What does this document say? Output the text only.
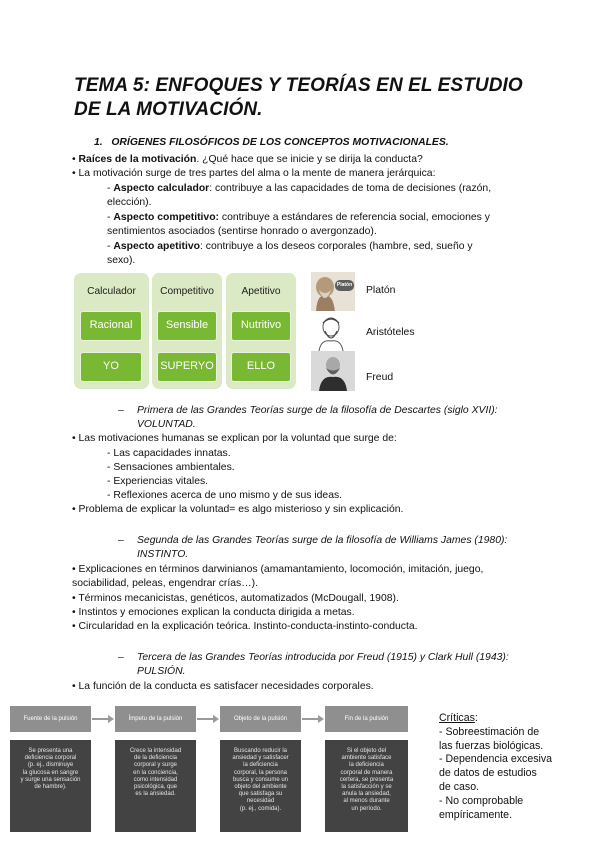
TEMA 5: ENFOQUES Y TEORÍAS EN EL ESTUDIO DE LA MOTIVACIÓN.
1. ORÍGENES FILOSÓFICOS DE LOS CONCEPTOS MOTIVACIONALES.
• Raíces de la motivación. ¿Qué hace que se inicie y se dirija la conducta?
• La motivación surge de tres partes del alma o la mente de manera jerárquica:
- Aspecto calculador: contribuye a las capacidades de toma de decisiones (razón,
elección).
- Aspecto competitivo: contribuye a estándares de referencia social, emociones y
sentimientos asociados (sentirse honrado o avergonzado).
- Aspecto apetitivo: contribuye a los deseos corporales (hambre, sed, sueño y
sexo).
Calculador	Competitivo	Apetitivo
Racional	Sensible	Nutritivo
YO	SUPERYO	ELLO
Platón Platón
Aristóteles
Freud
– Primera de las Grandes Teorías surge de la filosofía de Descartes (siglo XVII):
VOLUNTAD.
• Las motivaciones humanas se explican por la voluntad que surge de:
- Las capacidades innatas.
- Sensaciones ambientales.
- Experiencias vitales.
- Reflexiones acerca de uno mismo y de sus ideas.
• Problema de explicar la voluntad= es algo misterioso y sin explicación.
– Segunda de las Grandes Teorías surge de la filosofía de Williams James (1980):
INSTINTO.
• Explicaciones en términos darwinianos (amamantamiento, locomoción, imitación, juego,
sociabilidad, peleas, engendrar crías…).
• Términos mecanicistas, genéticos, automatizados (McDougall, 1908).
• Instintos y emociones explican la conducta dirigida a metas.
• Circularidad en la explicación teórica. Instinto-conducta-instinto-conducta.
– Tercera de las Grandes Teorías introducida por Freud (1915) y Clark Hull (1943):
PULSIÓN.
• La función de la conducta es satisfacer necesidades corporales.
Fuente de la pulsión	Ímpetu de la pulsión	Objeto de la pulsión	Fin de la pulsión
Se presenta una
deficiencia corporal
(p. ej., disminuye
la glucosa en sangre
y surge una sensación
de hambre).
Crece la intensidad
de la deficiencia
corporal y surge
en la conciencia,
como intensidad
psicológica, que
es la ansiedad.
Buscando reducir la
ansiedad y satisfacer
la deficiencia
corporal, la persona
busca y consume un
objeto del ambiente
que satisfaga su
necesidad
(p. ej., comida).
Si el objeto del
ambiente satisface
la deficiencia
corporal de manera
certera, se presenta
la satisfacción y se
anula la ansiedad,
al menos durante
un período.
Críticas:
- Sobreestimación de
las fuerzas biológicas.
- Dependencia excesiva
de datos de estudios
de caso.
- No comprobable
empíricamente.
